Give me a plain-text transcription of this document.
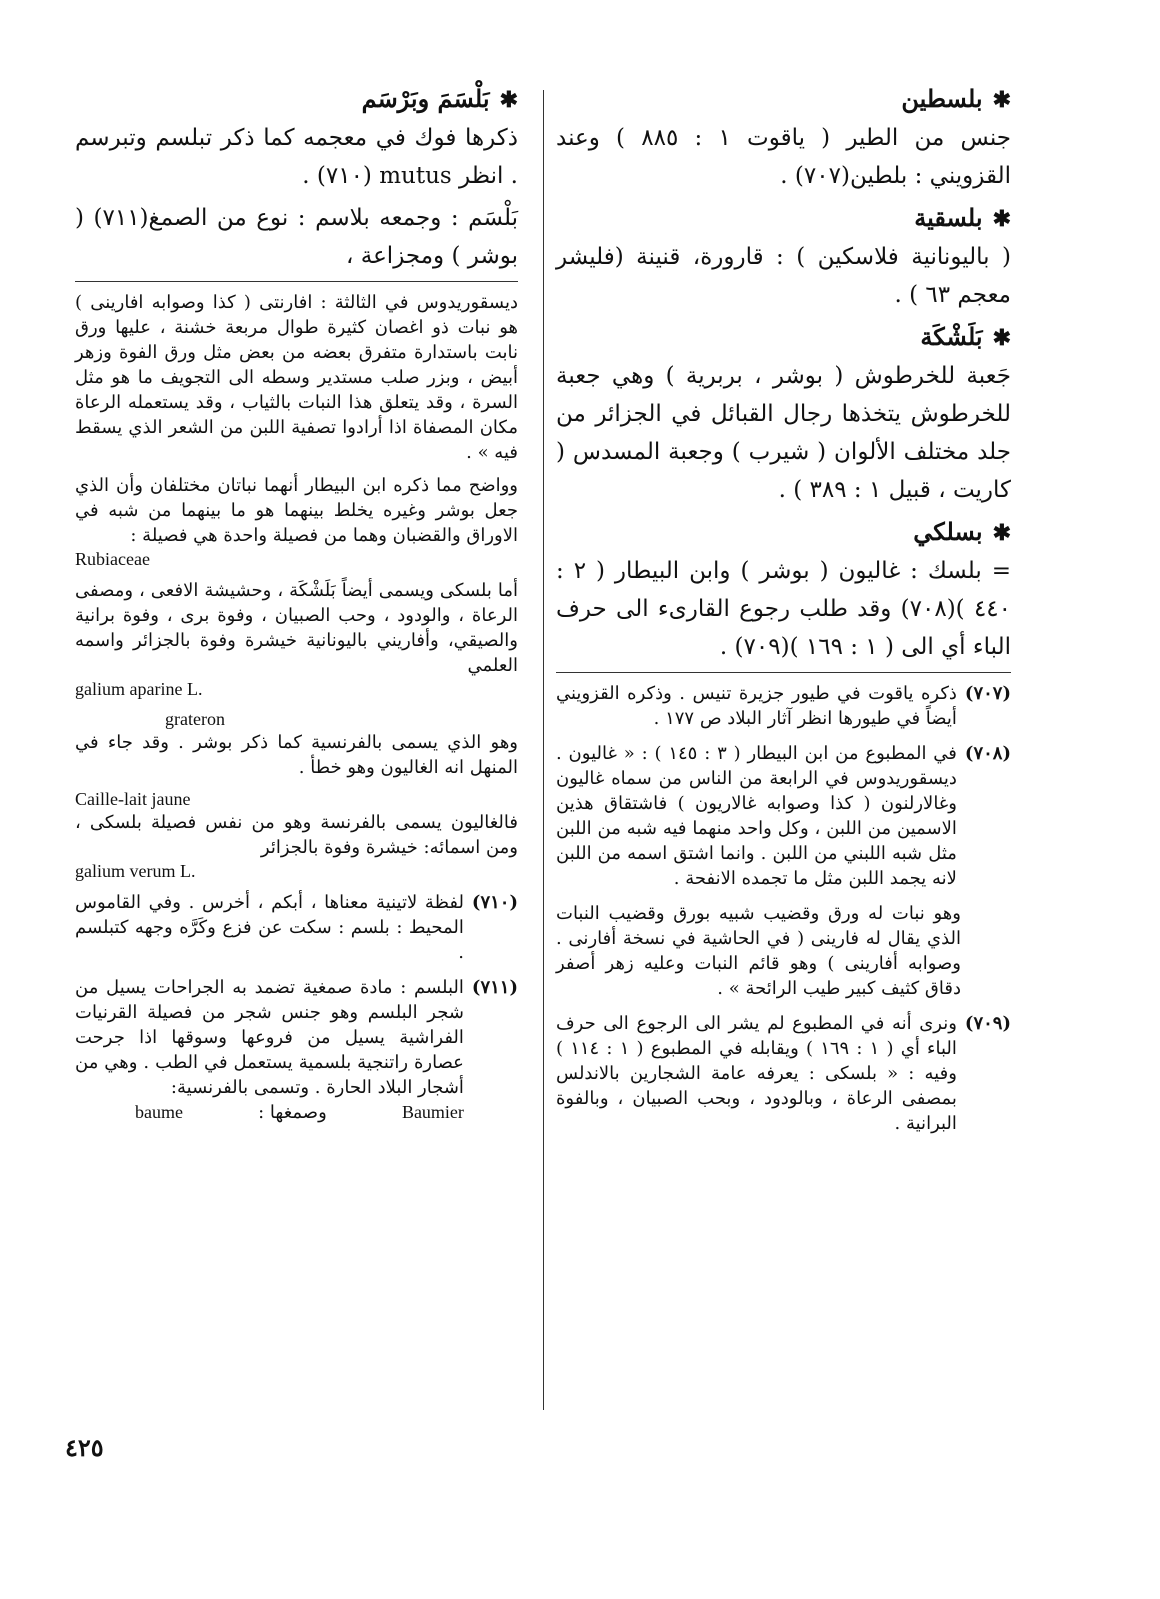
✱بلسطين
جنس من الطير ( ياقوت ١ : ٨٨٥ ) وعند القزويني : بلطين(٧٠٧) .
✱بلسقية
( باليونانية فلاسكين ) : قارورة، قنينة (فليشر معجم ٦٣ ) .
✱بَلَشْكَة
جَعبة للخرطوش ( بوشر ، بربرية ) وهي جعبة للخرطوش يتخذها رجال القبائل في الجزائر من جلد مختلف الألوان ( شيرب ) وجعبة المسدس ( كاريت ، قبيل ١ : ٣٨٩ ) .
✱بسلكي
= بلسك : غاليون ( بوشر ) وابن البيطار ( ٢ : ٤٤٠ )(٧٠٨) وقد طلب رجوع القارىء الى حرف الباء أي الى ( ١ : ١٦٩ )(٧٠٩) .
(٧٠٧)
ذكره ياقوت في طيور جزيرة تنيس . وذكره القزويني أيضاً في طيورها انظر آثار البلاد ص ١٧٧ .
(٧٠٨)
في المطبوع من ابن البيطار ( ٣ : ١٤٥ ) : « غاليون . ديسقوريدوس في الرابعة من الناس من سماه غاليون وغالارلنون ( كذا وصوابه غالاريون ) فاشتقاق هذين الاسمين من اللبن ، وكل واحد منهما فيه شبه من اللبن مثل شبه اللبني من اللبن . وانما اشتق اسمه من اللبن لانه يجمد اللبن مثل ما تجمده الانفحة .
وهو نبات له ورق وقضيب شبيه بورق وقضيب النبات الذي يقال له فارينى ( في الحاشية في نسخة أفارنى . وصوابه أفارينى ) وهو قائم النبات وعليه زهر أصفر دقاق كثيف كبير طيب الرائحة » .
(٧٠٩)
ونرى أنه في المطبوع لم يشر الى الرجوع الى حرف الباء أي ( ١ : ١٦٩ ) ويقابله في المطبوع ( ١ : ١١٤ ) وفيه : « بلسكى : يعرفه عامة الشجارين بالاندلس بمصفى الرعاة ، وبالودود ، وبحب الصبيان ، وبالفوة البرانية .
✱بَلْسَمَ وبَرْسَم
ذكرها فوك في معجمه كما ذكر تبلسم وتبرسم . انظر mutus (٧١٠) .
بَلْسَم : وجمعه بلاسم : نوع من الصمغ(٧١١) ( بوشر ) ومجزاعة ،
ديسقوريدوس في الثالثة : افارنتى ( كذا وصوابه افارينى ) هو نبات ذو اغصان كثيرة طوال مربعة خشنة ، عليها ورق نابت باستدارة متفرق بعضه من بعض مثل ورق الفوة وزهر أبيض ، وبزر صلب مستدير وسطه الى التجويف ما هو مثل السرة ، وقد يتعلق هذا النبات بالثياب ، وقد يستعمله الرعاة مكان المصفاة اذا أرادوا تصفية اللبن من الشعر الذي يسقط فيه » .
وواضح مما ذكره ابن البيطار أنهما نباتان مختلفان وأن الذي جعل بوشر وغيره يخلط بينهما هو ما بينهما من شبه في الاوراق والقضبان وهما من فصيلة واحدة هي فصيلة :
Rubiaceae
أما بلسكى ويسمى أيضاً بَلَشْكَة ، وحشيشة الافعى ، ومصفى الرعاة ، والودود ، وحب الصبيان ، وفوة برى ، وفوة برانية والصيقي، وأفاريني باليونانية خيشرة وفوة بالجزائر واسمه العلمي
galium aparine L.
grateron
وهو الذي يسمى بالفرنسية كما ذكر بوشر . وقد جاء في المنهل انه الغاليون وهو خطأ .
Caille-lait jaune
فالغاليون يسمى بالفرنسة وهو من نفس فصيلة بلسكى ، ومن اسمائه: خيشرة وفوة بالجزائر
galium verum L.
(٧١٠)
لفظة لاتينية معناها ، أبكم ، أخرس . وفي القاموس المحيط : بلسم : سكت عن فزع وكَرَّه وجهه كتبلسم .
(٧١١)
البلسم : مادة صمغية تضمد به الجراحات يسيل من شجر البلسم وهو جنس شجر من فصيلة القرنيات الفراشية يسيل من فروعها وسوقها اذا جرحت عصارة راتنجية بلسمية يستعمل في الطب . وهي من أشجار البلاد الحارة . وتسمى بالفرنسية:
baume	وصمغها :	Baumier
٤٢٥
